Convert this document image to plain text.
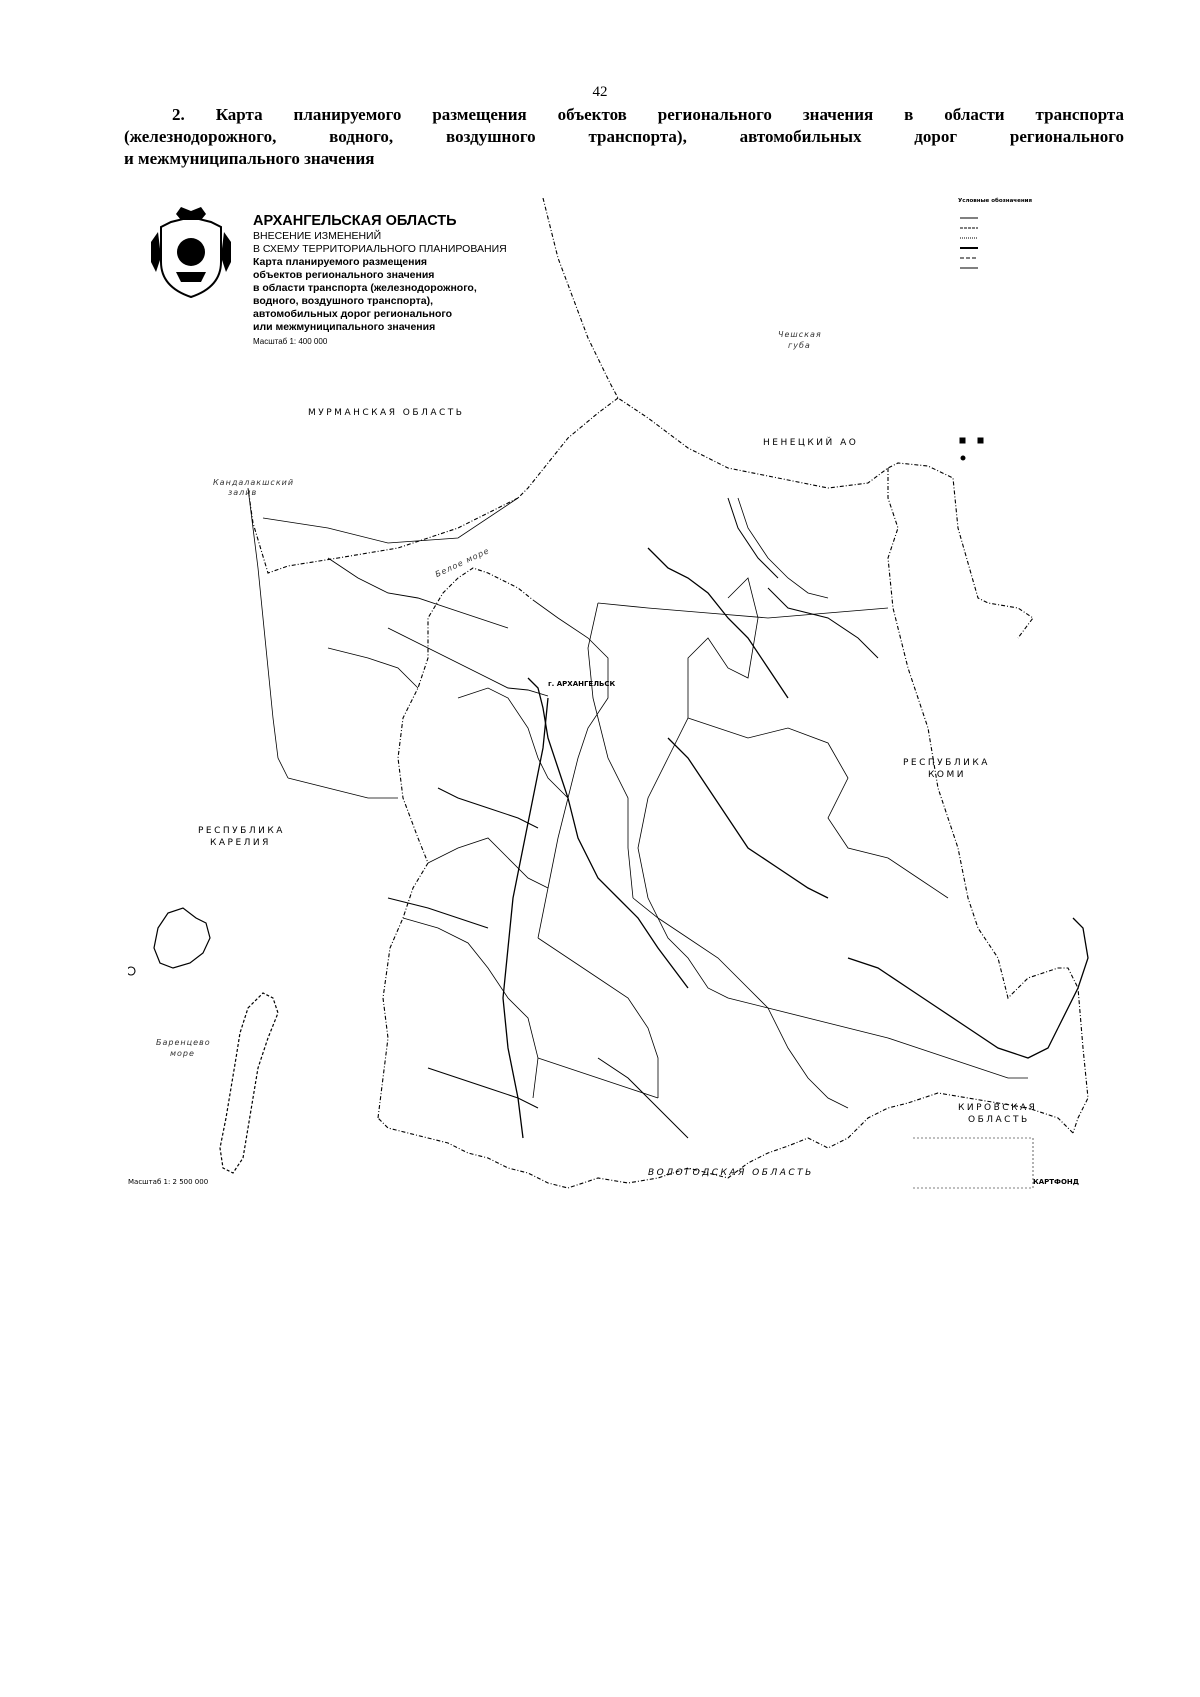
42
2. Карта планируемого размещения объектов регионального значения в области транспорта
(железнодорожного, водного, воздушного транспорта), автомобильных дорог регионального
и межмуниципального значения
АРХАНГЕЛЬСКАЯ ОБЛАСТЬ
ВНЕСЕНИЕ ИЗМЕНЕНИЙ
В СХЕМУ ТЕРРИТОРИАЛЬНОГО ПЛАНИРОВАНИЯ
Карта планируемого размещения
объектов регионального значения
в области транспорта (железнодорожного,
водного, воздушного транспорта),
автомобильных дорог регионального
или межмуниципального значения
Масштаб 1: 400 000
Условные обозначения
МУРМАНСКАЯ ОБЛАСТЬ
НЕНЕЦКИЙ АО
РЕСПУБЛИКА
КОМИ
РЕСПУБЛИКА
КАРЕЛИЯ
ВОЛОГОДСКАЯ ОБЛАСТЬ
КИРОВСКАЯ
ОБЛАСТЬ
Белое море
Кандалакшский
залив
Чешская
губа
Баренцево
море
г. АРХАНГЕЛЬСК
Масштаб 1: 2 500 000	КАРТФОНД
